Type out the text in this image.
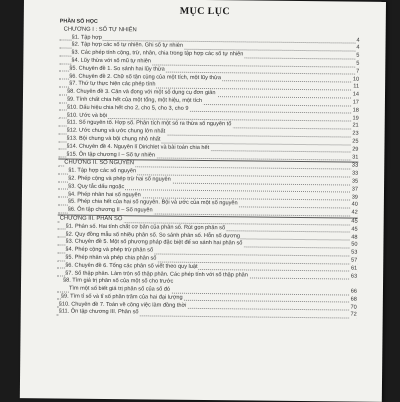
MỤC LỤC
PHẦN SỐ HỌC
CHƯƠNG I : SỐ TỰ NHIÊN
§1. Tập hợp	4
§2. Tập hợp các số tự nhiên. Ghi số tự nhiên	4
§3. Các phép tính cộng, trừ, nhân, chia trong tập hợp các số tự nhiên	5
§4. Lũy thừa với số mũ tự nhiên	5
§5. Chuyên đề 1. So sánh hai lũy thừa	7
§6. Chuyên đề 2. Chữ số tận cùng của một tích, một lũy thừa	10
§7. Thứ tự thực hiện các phép tính	11
§8. Chuyên đề 3. Cân và đong với một số dụng cụ đơn giản	14
§9. Tính chất chia hết của một tổng, một hiệu, một tích	17
§10. Dấu hiệu chia hết cho 2, cho 5, cho 3, cho 9	18
§10. Ước và bội	19
§11. Số nguyên tố. Hợp số. Phân tích một số ra thừa số nguyên tố	21
§12. Ước chung và ước chung lớn nhất	23
§13. Bội chung và bội chung nhỏ nhất	25
§14. Chuyên đề 4. Nguyên lí Dirichlet và bài toán chia hết	29
§15. Ôn tập chương I – Số tự nhiên	31
CHƯƠNG II. SỐ NGUYÊN	33
§1. Tập hợp các số nguyên	33
§2. Phép cộng và phép trừ hai số nguyên	35
§3. Quy tắc dấu ngoặc	37
§4. Phép nhân hai số nguyên	39
§5. Phép chia hết của hai số nguyên. Bội và ước của một số nguyên	40
§6. Ôn tập chương II – Số nguyên	42
CHƯƠNG III. PHÂN SỐ	45
§1. Phân số. Hai tính chất cơ bản của phân số. Rút gọn phân số	45
§2. Quy đồng mẫu số nhiều phân số. So sánh phân số. Hỗn số dương	48
§3. Chuyên đề 5. Một số phương pháp đặc biệt để so sánh hai phân số	50
§4. Phép cộng và phép trừ phân số	53
§5. Phép nhân và phép chia phân số	57
§6. Chuyên đề 6. Tổng các phân số viết theo quy luật	61
§7. Số thập phân. Làm tròn số thập phân. Các phép tính với số thập phân	63
§8. Tìm giá trị phân số của một số cho trước
Tìm một số biết giá trị phân số của số đó	66
§9. Tìm tỉ số và tỉ số phần trăm của hai đại lượng	68
§10. Chuyên đề 7. Toán về công việc làm đồng thời	70
§11. Ôn tập chương III. Phân số	72
